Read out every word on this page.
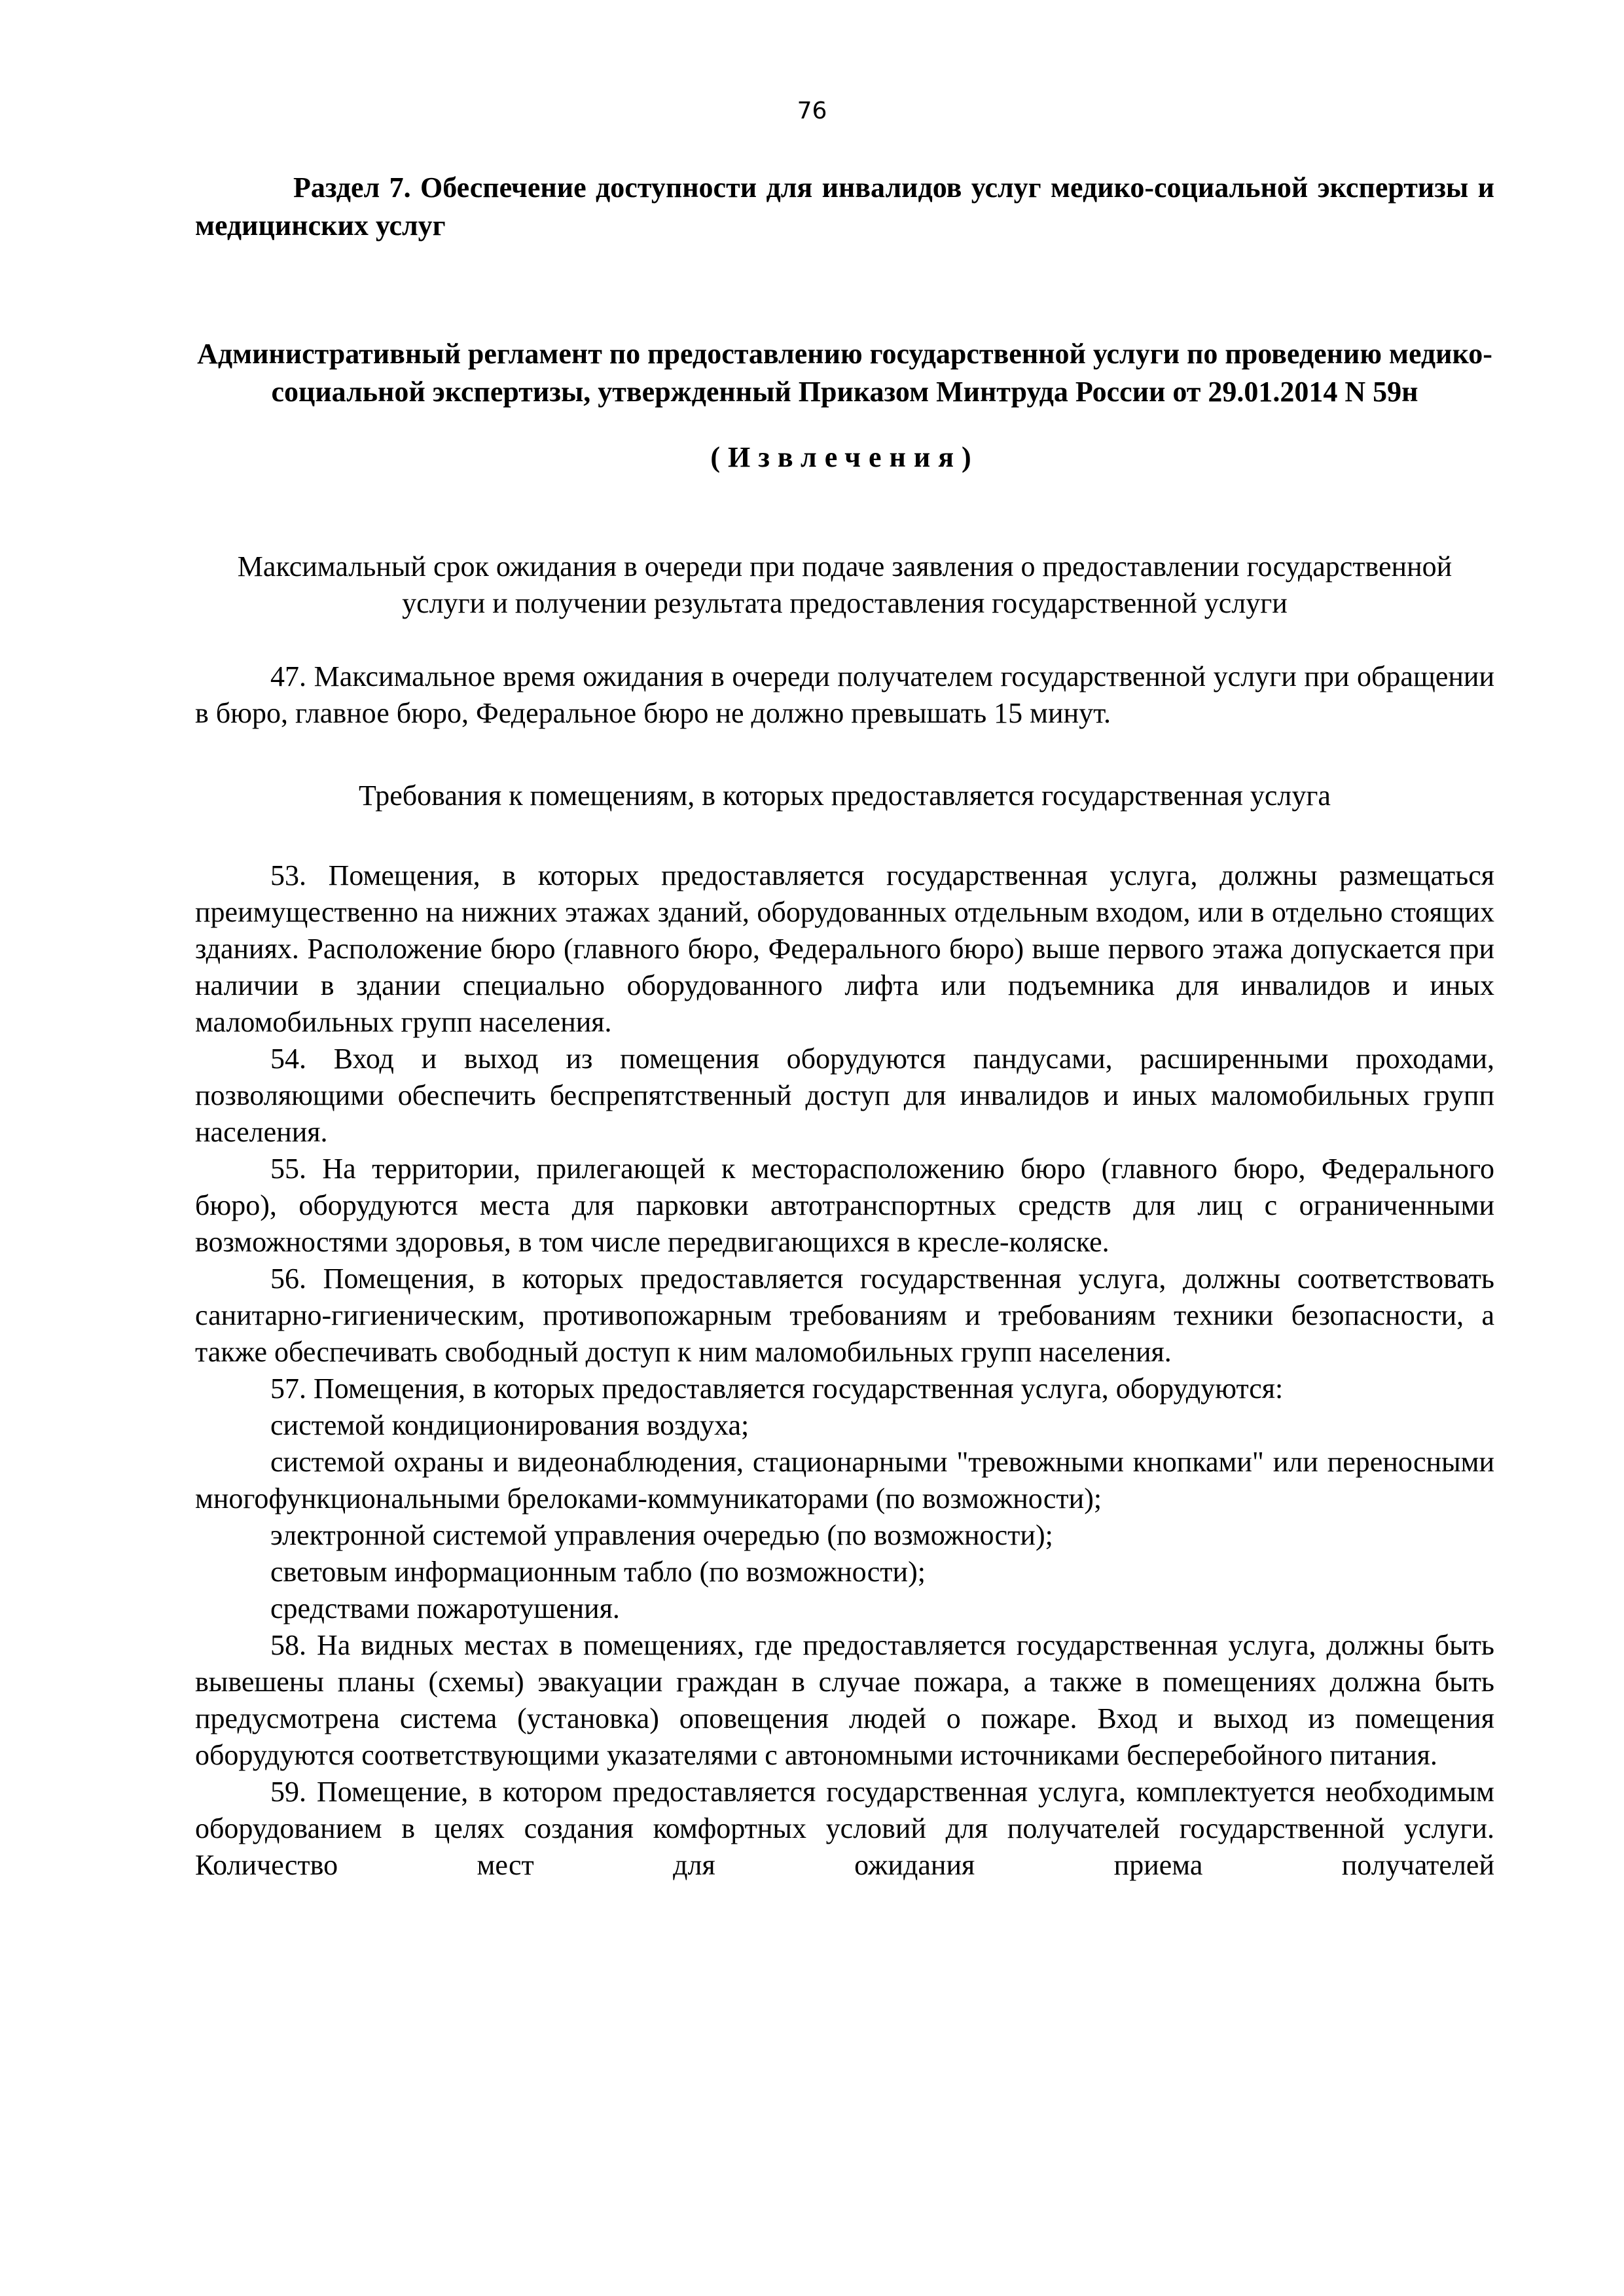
76

Раздел 7. Обеспечение доступности для инвалидов услуг медико-социальной экспертизы и медицинских услуг

Административный регламент по предоставлению государственной услуги по проведению медико-социальной экспертизы, утвержденный Приказом Минтруда России от 29.01.2014 N 59н

(Извлечения)

Максимальный срок ожидания в очереди при подаче заявления о предоставлении государственной услуги и получении результата предоставления государственной услуги

47. Максимальное время ожидания в очереди получателем государственной услуги при обращении в бюро, главное бюро, Федеральное бюро не должно превышать 15 минут.

Требования к помещениям, в которых предоставляется государственная услуга

53. Помещения, в которых предоставляется государственная услуга, должны размещаться преимущественно на нижних этажах зданий, оборудованных отдельным входом, или в отдельно стоящих зданиях. Расположение бюро (главного бюро, Федерального бюро) выше первого этажа допускается при наличии в здании специально оборудованного лифта или подъемника для инвалидов и иных маломобильных групп населения.

54. Вход и выход из помещения оборудуются пандусами, расширенными проходами, позволяющими обеспечить беспрепятственный доступ для инвалидов и иных маломобильных групп населения.

55. На территории, прилегающей к месторасположению бюро (главного бюро, Федерального бюро), оборудуются места для парковки автотранспортных средств для лиц с ограниченными возможностями здоровья, в том числе передвигающихся в кресле-коляске.

56. Помещения, в которых предоставляется государственная услуга, должны соответствовать санитарно-гигиеническим, противопожарным требованиям и требованиям техники безопасности, а также обеспечивать свободный доступ к ним маломобильных групп населения.

57. Помещения, в которых предоставляется государственная услуга, оборудуются:

системой кондиционирования воздуха;

системой охраны и видеонаблюдения, стационарными "тревожными кнопками" или переносными многофункциональными брелоками-коммуникаторами (по возможности);

электронной системой управления очередью (по возможности);

световым информационным табло (по возможности);

средствами пожаротушения.

58. На видных местах в помещениях, где предоставляется государственная услуга, должны быть вывешены планы (схемы) эвакуации граждан в случае пожара, а также в помещениях должна быть предусмотрена система (установка) оповещения людей о пожаре. Вход и выход из помещения оборудуются соответствующими указателями с автономными источниками бесперебойного питания.

59. Помещение, в котором предоставляется государственная услуга, комплектуется необходимым оборудованием в целях создания комфортных условий для получателей государственной услуги. Количество мест для ожидания приема получателей
